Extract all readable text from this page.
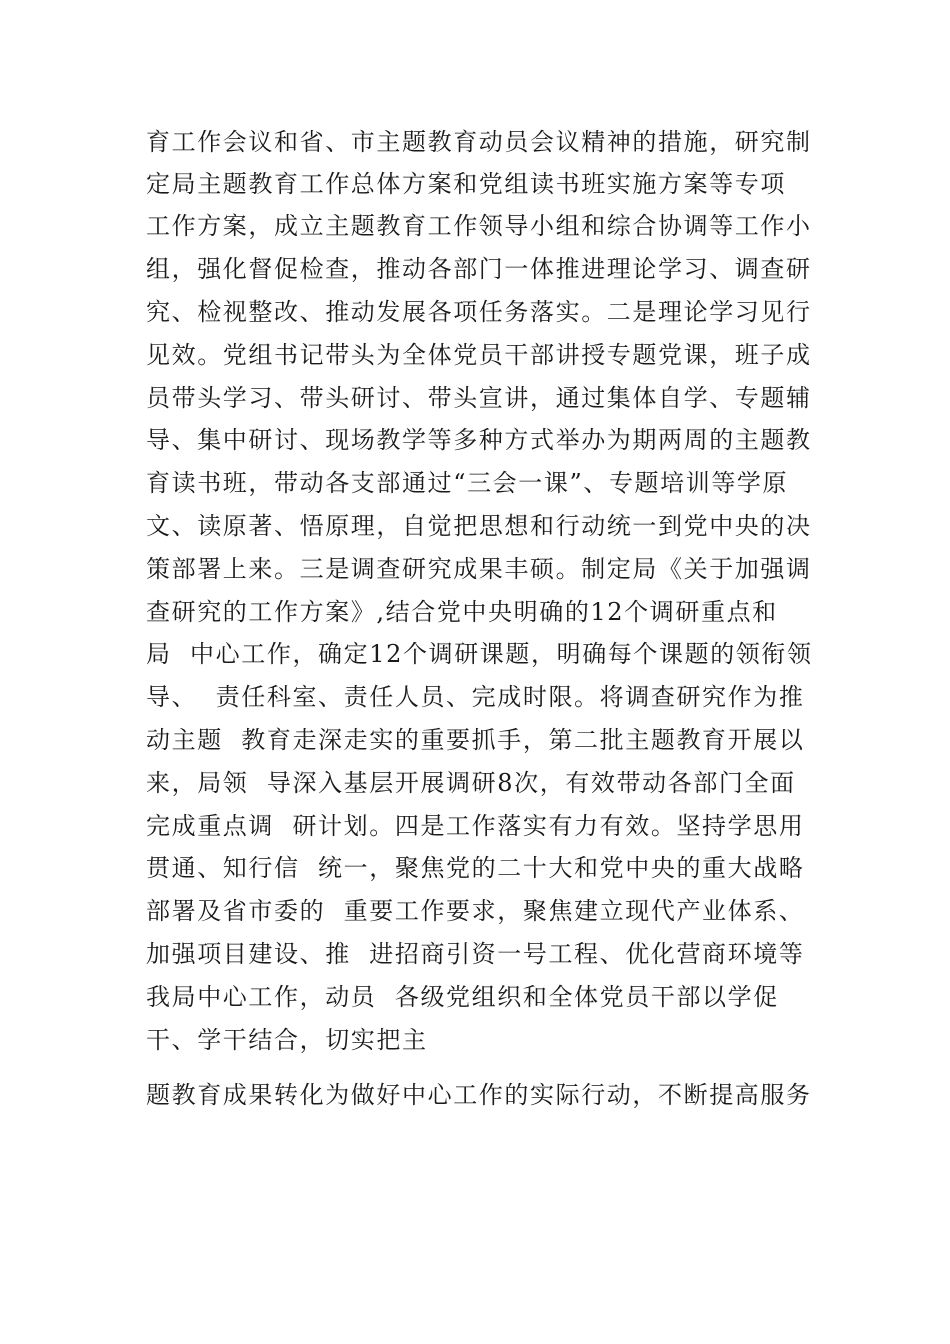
育工作会议和省、市主题教育动员会议精神的措施，研究制
定局主题教育工作总体方案和党组读书班实施方案等专项
工作方案，成立主题教育工作领导小组和综合协调等工作小
组，强化督促检查，推动各部门一体推进理论学习、调查研
究、检视整改、推动发展各项任务落实。二是理论学习见行
见效。党组书记带头为全体党员干部讲授专题党课，班子成
员带头学习、带头研讨、带头宣讲，通过集体自学、专题辅
导、集中研讨、现场教学等多种方式举办为期两周的主题教
育读书班，带动各支部通过“三会一课”、专题培训等学原
文、读原著、悟原理，自觉把思想和行动统一到党中央的决
策部署上来。三是调查研究成果丰硕。制定局《关于加强调
查研究的工作方案》,结合党中央明确的12个调研重点和
局  中心工作，确定12个调研课题，明确每个课题的领衔领
导、  责任科室、责任人员、完成时限。将调查研究作为推
动主题  教育走深走实的重要抓手，第二批主题教育开展以
来，局领  导深入基层开展调研8次，有效带动各部门全面
完成重点调  研计划。四是工作落实有力有效。坚持学思用
贯通、知行信  统一，聚焦党的二十大和党中央的重大战略
部署及省市委的  重要工作要求，聚焦建立现代产业体系、
加强项目建设、推  进招商引资一号工程、优化营商环境等
我局中心工作，动员  各级党组织和全体党员干部以学促
干、学干结合，切实把主
题教育成果转化为做好中心工作的实际行动，不断提高服务
